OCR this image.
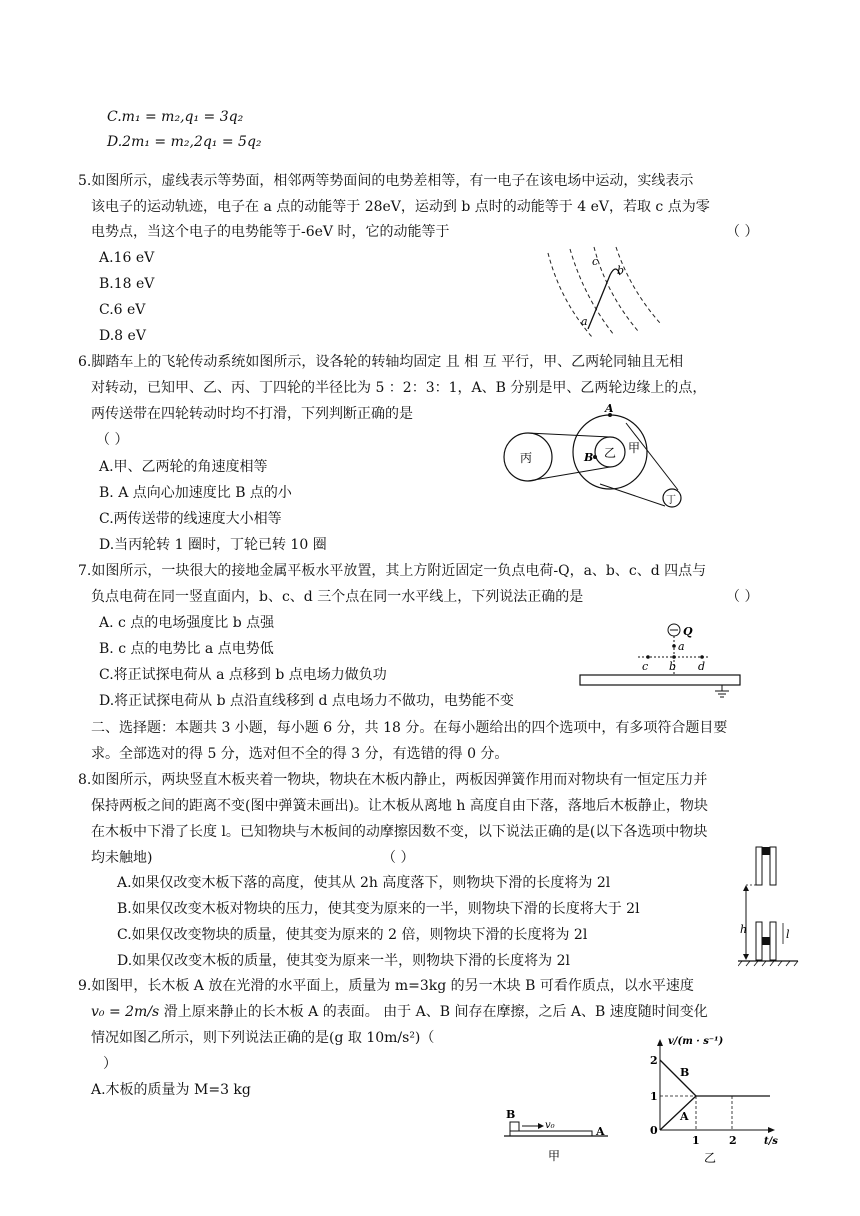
C.m₁ = m₂,q₁ = 3q₂
D.2m₁ = m₂,2q₁ = 5q₂
5.如图所示，虚线表示等势面，相邻两等势面间的电势差相等，有一电子在该电场中运动，实线表示
该电子的运动轨迹，电子在 a 点的动能等于 28eV，运动到 b 点时的动能等于 4 eV，若取 c 点为零
电势点，当这个电子的电势能等于-6eV 时，它的动能等于	（ ）
A.16 eV
B.18 eV
C.6 eV
D.8 eV
a
c
b
6.脚踏车上的飞轮传动系统如图所示，设各轮的转轴均固定 且 相 互 平行，甲、乙两轮同轴且无相
对转动，已知甲、乙、丙、丁四轮的半径比为 5 ：2：3：1，A、B 分别是甲、乙两轮边缘上的点，
两传送带在四轮转动时均不打滑，下列判断正确的是
（ ）
A.甲、乙两轮的角速度相等
B. A 点向心加速度比 B 点的小
C.两传送带的线速度大小相等
D.当丙轮转 1 圈时，丁轮已转 10 圈
A
B
丙	乙 甲
丁
7.如图所示，一块很大的接地金属平板水平放置，其上方附近固定一负点电荷-Q，a、b、c、d 四点与
负点电荷在同一竖直面内，b、c、d 三个点在同一水平线上，下列说法正确的是	（ ）
A. c 点的电场强度比 b 点强
B. c 点的电势比 a 点电势低
C.将正试探电荷从 a 点移到 b 点电场力做负功
D.将正试探电荷从 b 点沿直线移到 d 点电场力不做功，电势能不变
Q
a
c b d
二、选择题：本题共 3 小题，每小题 6 分，共 18 分。在每小题给出的四个选项中，有多项符合题目要
求。全部选对的得 5 分，选对但不全的得 3 分，有选错的得 0 分。
8.如图所示，两块竖直木板夹着一物块，物块在木板内静止，两板因弹簧作用而对物块有一恒定压力并
保持两板之间的距离不变(图中弹簧未画出)。让木板从离地 h 高度自由下落，落地后木板静止，物块
在木板中下滑了长度 l。已知物块与木板间的动摩擦因数不变，以下说法正确的是(以下各选项中物块
均未触地)	（ ）
A.如果仅改变木板下落的高度，使其从 2h 高度落下，则物块下滑的长度将为 2l
B.如果仅改变木板对物块的压力，使其变为原来的一半，则物块下滑的长度将大于 2l
C.如果仅改变物块的质量，使其变为原来的 2 倍，则物块下滑的长度将为 2l
D.如果仅改变木板的质量，使其变为原来一半，则物块下滑的长度将为 2l
h	l
9.如图甲，长木板 A 放在光滑的水平面上，质量为 m=3kg 的另一木块 B 可看作质点，以水平速度
v₀ = 2m/s 滑上原来静止的长木板 A 的表面。 由于 A、B 间存在摩擦，之后 A、B 速度随时间变化
情况如图乙所示，则下列说法正确的是(g 取 10m/s²)（
）
A.木板的质量为 M=3 kg
B
v₀	A
甲
v/(m · s⁻¹)
t/s
2
1
0
1	2
B
A
乙
